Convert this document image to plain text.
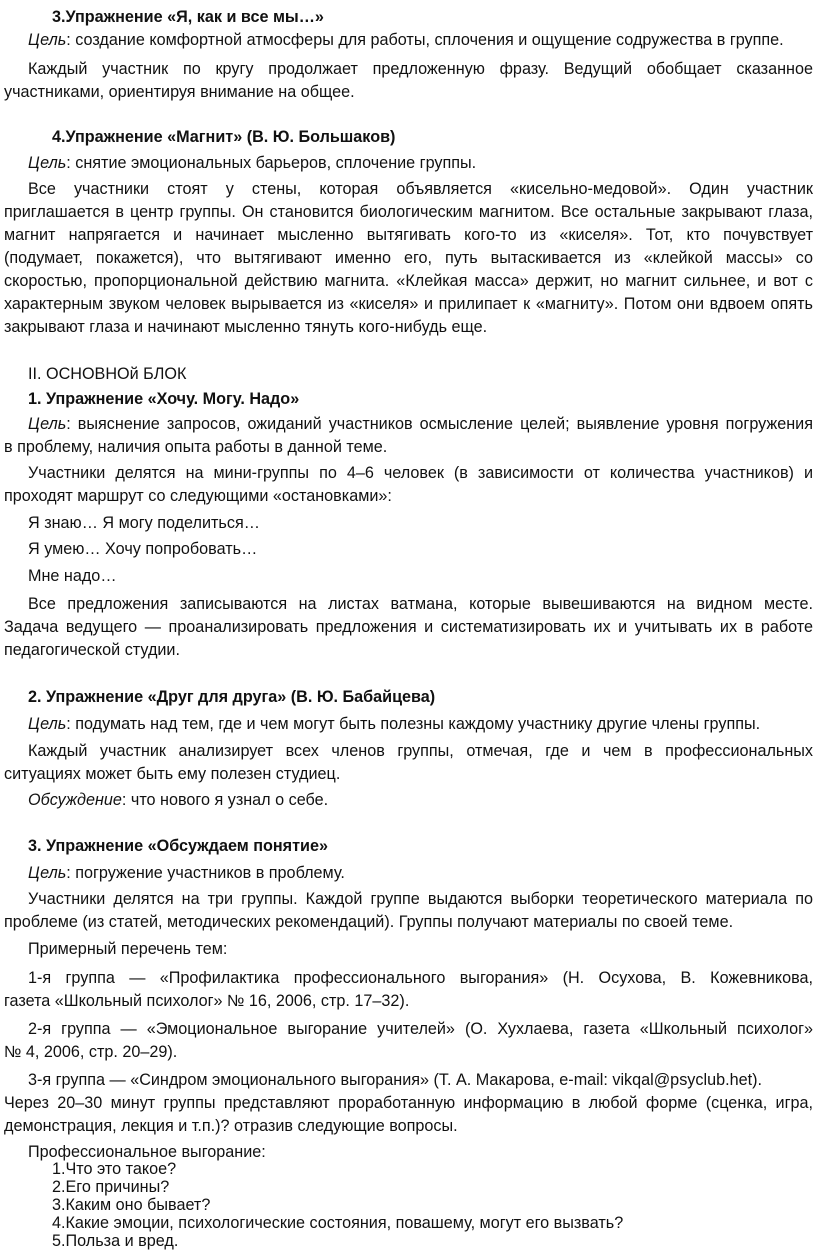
3.Упражнение «Я, как и все мы…»
Цель: создание комфортной атмосферы для работы, сплочения и ощущение содружества в группе.
Каждый участник по кругу продолжает предложенную фразу. Ведущий обобщает сказанное
участниками, ориентируя внимание на общее.
4.Упражнение «Магнит» (В. Ю. Большаков)
Цель: снятие эмоциональных барьеров, сплочение группы.
Все участники стоят у стены, которая объявляется «кисельно-медовой». Один участник
приглашается в центр группы. Он становится биологическим магнитом. Все остальные закрывают глаза,
магнит напрягается и начинает мысленно вытягивать кого-то из «киселя». Тот, кто почувствует
(подумает, покажется), что вытягивают именно его, путь вытаскивается из «клейкой массы» со
скоростью, пропорциональной действию магнита. «Клейкая масса» держит, но магнит сильнее, и вот с
характерным звуком человек вырывается из «киселя» и прилипает к «магниту». Потом они вдвоем опять
закрывают глаза и начинают мысленно тянуть кого-нибудь еще.
II. ОСНОВНОй БЛОК
1. Упражнение «Хочу. Могу. Надо»
Цель: выяснение запросов, ожиданий участников осмысление целей; выявление уровня погружения
в проблему, наличия опыта работы в данной теме.
Участники делятся на мини-группы по 4–6 человек (в зависимости от количества участников) и
проходят маршрут со следующими «остановками»:
Я знаю… Я могу поделиться…
Я умею… Хочу попробовать…
Мне надо…
Все предложения записываются на листах ватмана, которые вывешиваются на видном месте.
Задача ведущего — проанализировать предложения и систематизировать их и учитывать их в работе
педагогической студии.
2. Упражнение «Друг для друга» (В. Ю. Бабайцева)
Цель: подумать над тем, где и чем могут быть полезны каждому участнику другие члены группы.
Каждый участник анализирует всех членов группы, отмечая, где и чем в профессиональных
ситуациях может быть ему полезен студиец.
Обсуждение: что нового я узнал о себе.
3. Упражнение «Обсуждаем понятие»
Цель: погружение участников в проблему.
Участники делятся на три группы. Каждой группе выдаются выборки теоретического материала по
проблеме (из статей, методических рекомендаций). Группы получают материалы по своей теме.
Примерный перечень тем:
1-я группа — «Профилактика профессионального выгорания» (Н. Осухова, В. Кожевникова,
газета «Школьный психолог» № 16, 2006, стр. 17–32).
2-я группа — «Эмоциональное выгорание учителей» (О. Хухлаева, газета «Школьный психолог»
№ 4, 2006, стр. 20–29).
3-я группа — «Синдром эмоционального выгорания» (Т. А. Макарова, e-mail: vikqal@psyclub.het).
Через 20–30 минут группы представляют проработанную информацию в любой форме (сценка, игра,
демонстрация, лекция и т.п.)? отразив следующие вопросы.
Профессиональное выгорание:
1.Что это такое?
2.Его причины?
3.Каким оно бывает?
4.Какие эмоции, психологические состояния, повашему, могут его вызвать?
5.Польза и вред.
